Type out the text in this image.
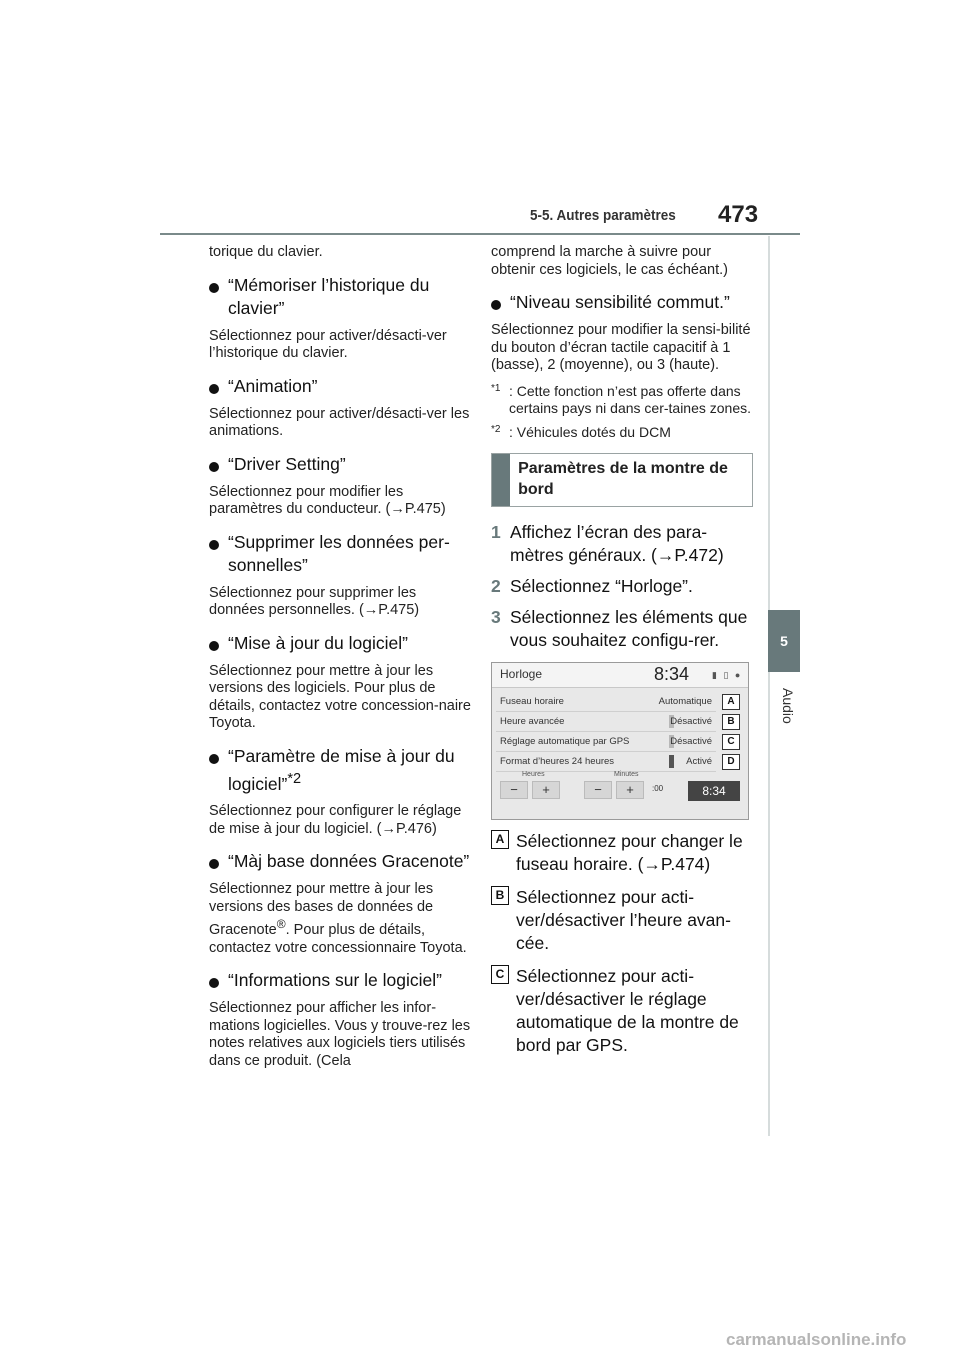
5-5. Autres paramètres 473
5
Audio

torique du clavier.

“Mémoriser l’historique du clavier”

Sélectionnez pour activer/désacti-ver l’historique du clavier.

“Animation”

Sélectionnez pour activer/désacti-ver les animations.

“Driver Setting”

Sélectionnez pour modifier les paramètres du conducteur. (→P.475)

“Supprimer les données per-sonnelles”

Sélectionnez pour supprimer les données personnelles. (→P.475)

“Mise à jour du logiciel”

Sélectionnez pour mettre à jour les versions des logiciels. Pour plus de détails, contactez votre concession-naire Toyota.

“Paramètre de mise à jour du logiciel”$^{*2}$

Sélectionnez pour configurer le réglage de mise à jour du logiciel. (→P.476)

“Màj base données Gracenote”

Sélectionnez pour mettre à jour les versions des bases de données de Gracenote®. Pour plus de détails, contactez votre concessionnaire Toyota.

“Informations sur le logiciel”

Sélectionnez pour afficher les infor-mations logicielles. Vous y trouve-rez les notes relatives aux logiciels tiers utilisés dans ce produit. (Cela

comprend la marche à suivre pour obtenir ces logiciels, le cas échéant.)

“Niveau sensibilité commut.”

Sélectionnez pour modifier la sensi-bilité du bouton d’écran tactile capacitif à 1 (basse), 2 (moyenne), ou 3 (haute).

*1 : Cette fonction n’est pas offerte dans certains pays ni dans cer-taines zones.
*2 : Véhicules dotés du DCM
Paramètres de la montre de bord
1 Affichez l’écran des para-mètres généraux. (→P.472)
2 Sélectionnez “Horloge”.
3 Sélectionnez les éléments que vous souhaitez configu-rer.
Horloge	8:34	▮ ▯ ●
Fuseau horaire	Automatique
Heure avancée	Désactivé
Réglage automatique par GPS	Désactivé
Format d’heures 24 heures	Activé
A
B
C
D
Heures	Minutes
−	+	−	+	:00	8:34
A Sélectionnez pour changer le fuseau horaire. (→P.474)
B Sélectionnez pour acti-ver/désactiver l’heure avan-cée.
C Sélectionnez pour acti-ver/désactiver le réglage automatique de la montre de bord par GPS.
carmanualsonline.info
